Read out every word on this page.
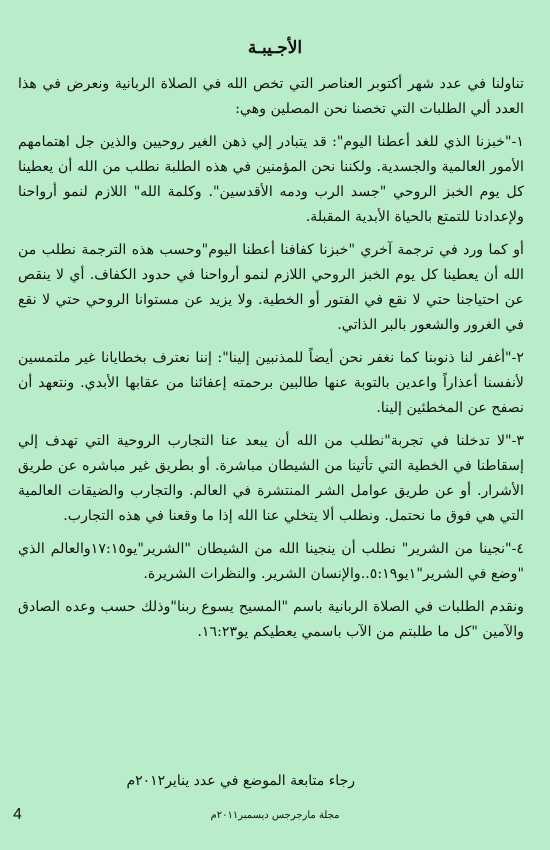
الأجـيبـة

تناولنا في عدد شهر أكتوبر العناصر التي تخص الله في الصلاة الربانية ونعرض في هذا العدد ألي الطلبات التي تخصنا نحن المصلين وهي:

١-"خبزنا الذي للغد أعطنا اليوم": قد يتبادر إلي ذهن الغير روحيين والذين جل اهتمامهم الأمور العالمية والجسدية. ولكننا نحن المؤمنين في هذه الطلبة نطلب من الله أن يعطينا كل يوم الخبز الروحي "جسد الرب ودمه الأقدسين". وكلمة الله" اللازم لنمو أرواحنا ولإعدادنا للتمتع بالحياة الأبدية المقبلة.

أو كما ورد في ترجمة آخري "خبزنا كفافنا أعطنا اليوم"وحسب هذه الترجمة نطلب من الله أن يعطينا كل يوم الخبز الروحي اللازم لنمو أرواحنا في حدود الكفاف. أي لا ينقص عن احتياجنا حتي لا نقع في الفتور أو الخطية. ولا يزيد عن مستوانا الروحي حتي لا نقع في الغرور والشعور بالبر الذاتي.

٢-"أغفر لنا ذنوبنا كما نغفر نحن أيضاً للمذنبين إلينا": إننا نعترف بخطايانا غير ملتمسين لأنفسنا أعذاراً واعدين بالتوبة عنها طالبين برحمته إعفائنا من عقابها الأبدي. ونتعهد أن نصفح عن المخطئين إلينا.

٣-"لا تدخلنا في تجربة"نطلب من الله أن يبعد عنا التجارب الروحية التي تهدف إلي إسقاطنا في الخطية التي تأتينا من الشيطان مباشرة. أو بطريق غير مباشره عن طريق الأشرار. أو عن طريق عوامل الشر المنتشرة في العالم. والتجارب والضيقات العالمية التي هي فوق ما نحتمل. ونطلب ألا يتخلي عنا الله إذا ما وقعنا في هذه التجارب.

٤-"نجينا من الشرير" نطلب أن ينجينا الله من الشيطان "الشرير"يو١٧:١٥والعالم الذي "وضع في الشرير"١يو٥:١٩..والإنسان الشرير. والنظرات الشريرة.

ونقدم الطلبات في الصلاة الربانية باسم "المسيح يسوع ربنا"وذلك حسب وعده الصادق والآمين "كل ما طلبتم من الآب باسمي يعطيكم يو١٦:٢٣.

رجاء متابعة الموضع في عدد يناير٢٠١٢م
مجلة مارجرجس ديسمبر٢٠١١م
4
